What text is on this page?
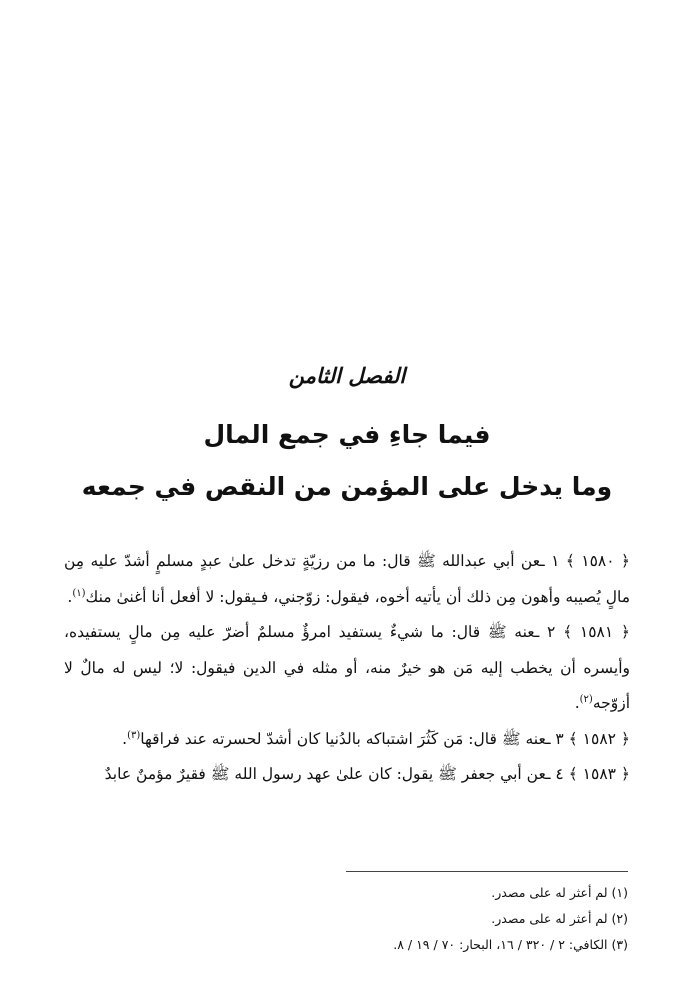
الفصل الثامن
فيما جاءِ في جمع المال
وما يدخل على المؤمن من النقص في جمعه

﴿ ١٥٨٠ ﴾ ١ ـعن أبي عبدالله ﷺ قال: ما من رزيّةٍ تدخل علىٰ عبدٍ مسلمٍ أشدّ عليه مِن مالٍ يُصيبه وأهون مِن ذلك أن يأتيه أخوه، فيقول: زوّجني، فـيقول: لا أفعل أنا أغنىٰ منك$^{(١)}$.

﴿ ١٥٨١ ﴾ ٢ ـعنه ﷺ قال: ما شيءٌ يستفيد امرؤٌ مسلمٌ أضرّ عليه مِن مالٍ يستفيده، وأيسره أن يخطب إليه مَن هو خيرٌ منه، أو مثله في الدين فيقول: لا؛ ليس له مالٌ لا أزوّجه$^{(٢)}$.

﴿ ١٥٨٢ ﴾ ٣ ـعنه ﷺ قال: مَن كَثُرَ اشتباكه بالدُنيا كان أشدّ لحسرته عند فراقها$^{(٣)}$.

﴿ ١٥٨٣ ﴾ ٤ ـعن أبي جعفر ﷺ يقول: كان علىٰ عهد رسول الله ﷺ فقيرٌ مؤمنٌ عابدٌ

(١) لم أعثر له على مصدر.
(٢) لم أعثر له على مصدر.
(٣) الكافي: ٢ / ٣٢٠ / ١٦، البحار: ٧٠ / ١٩ / ٨.
